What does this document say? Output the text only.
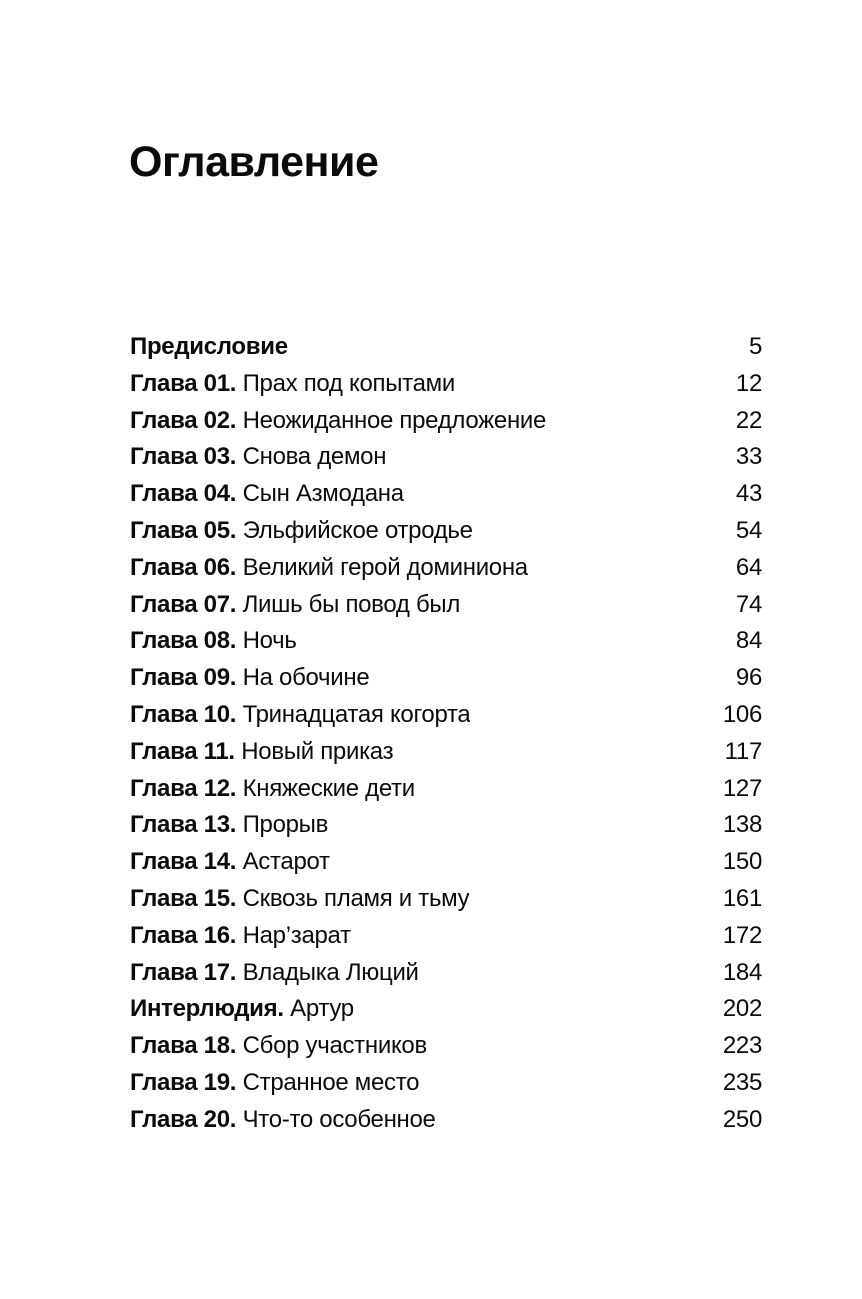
Оглавление
Предисловие	5
Глава 01. Прах под копытами	12
Глава 02. Неожиданное предложение	22
Глава 03. Снова демон	33
Глава 04. Сын Азмодана	43
Глава 05. Эльфийское отродье	54
Глава 06. Великий герой доминиона	64
Глава 07. Лишь бы повод был	74
Глава 08. Ночь	84
Глава 09. На обочине	96
Глава 10. Тринадцатая когорта	106
Глава 11. Новый приказ	117
Глава 12. Княжеские дети	127
Глава 13. Прорыв	138
Глава 14. Астарот	150
Глава 15. Сквозь пламя и тьму	161
Глава 16. Нар’зарат	172
Глава 17. Владыка Люций	184
Интерлюдия. Артур	202
Глава 18. Сбор участников	223
Глава 19. Странное место	235
Глава 20. Что-то особенное	250
